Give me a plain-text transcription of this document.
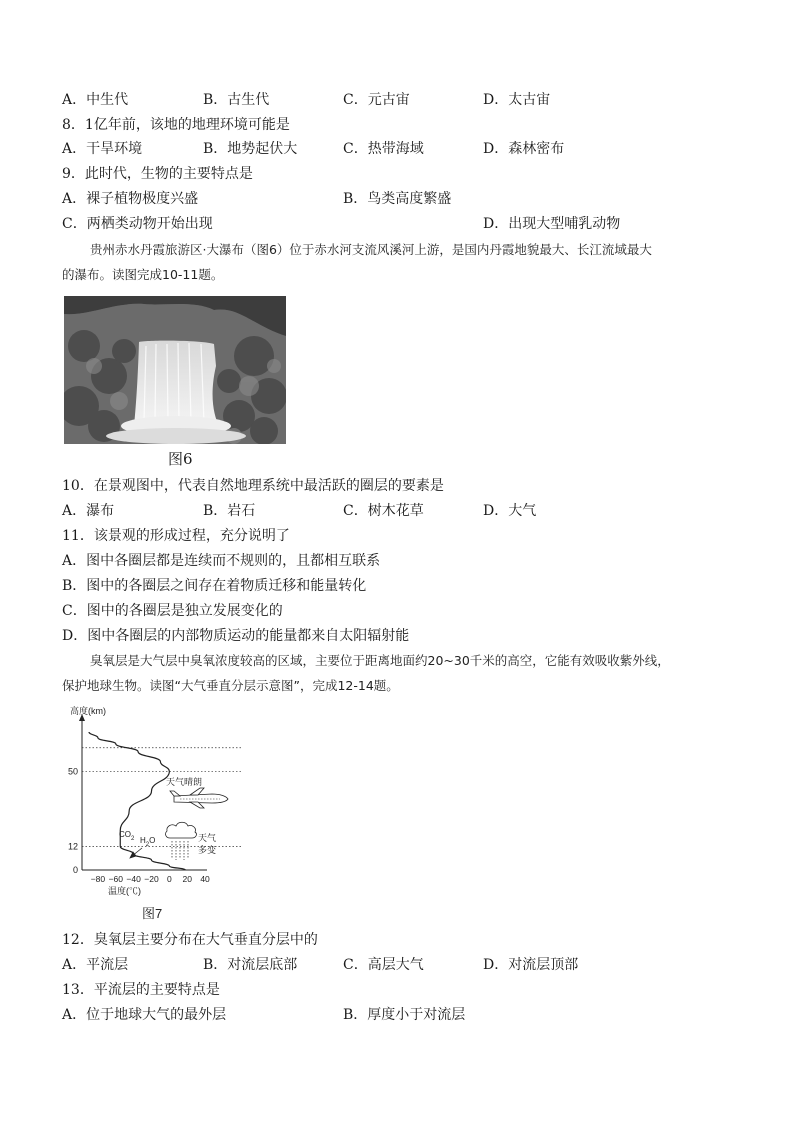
A．中生代	B．古生代	C．元古宙	D．太古宙
8．1亿年前，该地的地理环境可能是
A．干旱环境	B．地势起伏大	C．热带海域	D．森林密布
9．此时代，生物的主要特点是
A．裸子植物极度兴盛	B．鸟类高度繁盛
C．两栖类动物开始出现	D．出现大型哺乳动物
贵州赤水丹霞旅游区·大瀑布（图6）位于赤水河支流风溪河上游，是国内丹霞地貌最大、长江流域最大
的瀑布。读图完成10-11题。
图6
10．在景观图中，代表自然地理系统中最活跃的圈层的要素是
A．瀑布	B．岩石	C．树木花草	D．大气
11．该景观的形成过程，充分说明了
A．图中各圈层都是连续而不规则的，且都相互联系
B．图中的各圈层之间存在着物质迁移和能量转化
C．图中的各圈层是独立发展变化的
D．图中各圈层的内部物质运动的能量都来自太阳辐射能
臭氧层是大气层中臭氧浓度较高的区域，主要位于距离地面约20~30千米的高空，它能有效吸收紫外线，
保护地球生物。读图“大气垂直分层示意图”，完成12-14题。
高度(km)
0
12
50
−80 −60 −40 −20 0 20 40
温度(℃)
天气晴朗
天气
多变
$CO_2$ $H_2O$
图7
12．臭氧层主要分布在大气垂直分层中的
A．平流层	B．对流层底部	C．高层大气	D．对流层顶部
13．平流层的主要特点是
A．位于地球大气的最外层	B．厚度小于对流层
